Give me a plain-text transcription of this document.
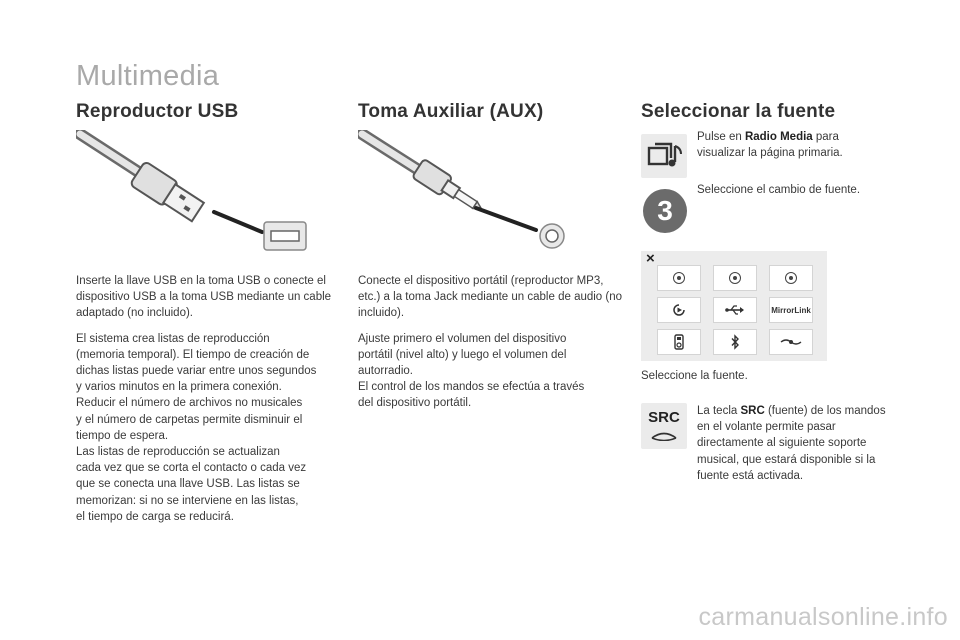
Multimedia
Reproductor USB	Toma Auxiliar (AUX)	Seleccionar la fuente

Inserte la llave USB en la toma USB o conecte el dispositivo USB a la toma USB mediante un cable adaptado (no incluido).

El sistema crea listas de reproducción
(memoria temporal). El tiempo de creación de
dichas listas puede variar entre unos segundos
y varios minutos en la primera conexión.
Reducir el número de archivos no musicales
y el número de carpetas permite disminuir el
tiempo de espera.
Las listas de reproducción se actualizan
cada vez que se corta el contacto o cada vez
que se conecta una llave USB. Las listas se
memorizan: si no se interviene en las listas,
el tiempo de carga se reducirá.

Conecte el dispositivo portátil (reproductor MP3, etc.) a la toma Jack mediante un cable de audio (no incluido).

Ajuste primero el volumen del dispositivo
portátil (nivel alto) y luego el volumen del
autorradio.
El control de los mandos se efectúa a través
del dispositivo portátil.

Pulse en Radio Media para visualizar la página primaria.

3

Seleccione el cambio de fuente.

×
MirrorLink

Seleccione la fuente.

SRC	La tecla SRC (fuente) de los mandos en el volante permite pasar directamente al siguiente soporte musical, que estará disponible si la fuente está activada.

carmanualsonline.info
